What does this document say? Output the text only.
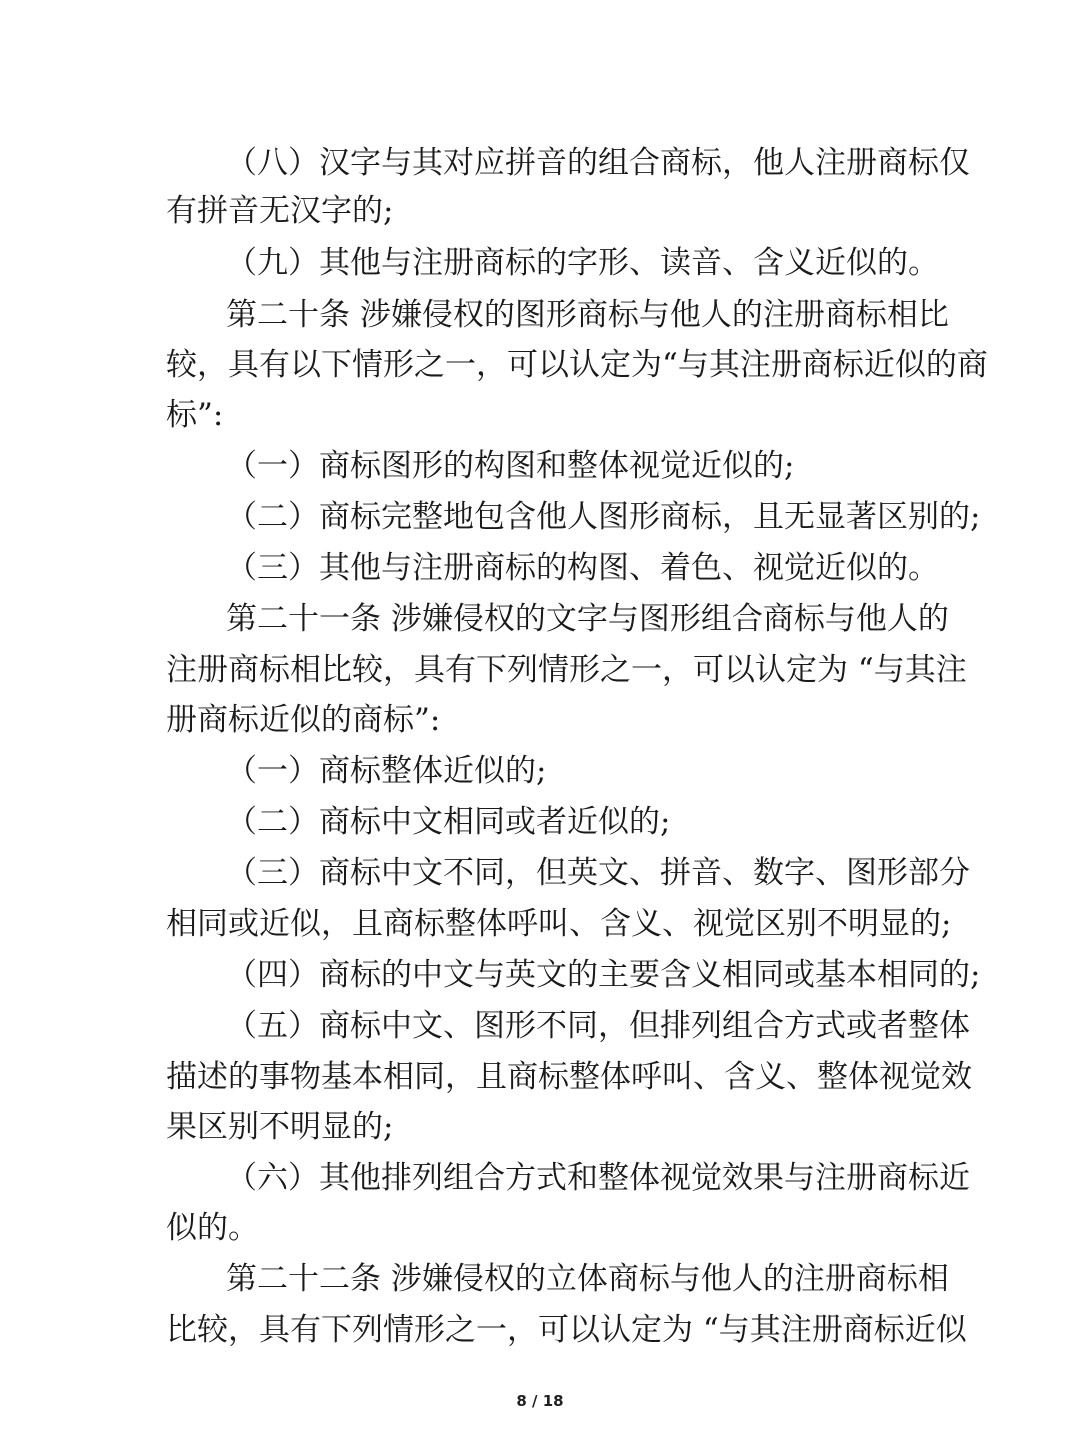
（八）汉字与其对应拼音的组合商标，他人注册商标仅
有拼音无汉字的;
（九）其他与注册商标的字形、读音、含义近似的。
第二十条 涉嫌侵权的图形商标与他人的注册商标相比
较，具有以下情形之一，可以认定为“与其注册商标近似的商
标”:
（一）商标图形的构图和整体视觉近似的;
（二）商标完整地包含他人图形商标，且无显著区别的;
（三）其他与注册商标的构图、着色、视觉近似的。
第二十一条 涉嫌侵权的文字与图形组合商标与他人的
注册商标相比较，具有下列情形之一，可以认定为 “与其注
册商标近似的商标”:
（一）商标整体近似的;
（二）商标中文相同或者近似的;
（三）商标中文不同，但英文、拼音、数字、图形部分
相同或近似，且商标整体呼叫、含义、视觉区别不明显的;
（四）商标的中文与英文的主要含义相同或基本相同的;
（五）商标中文、图形不同，但排列组合方式或者整体
描述的事物基本相同，且商标整体呼叫、含义、整体视觉效
果区别不明显的;
（六）其他排列组合方式和整体视觉效果与注册商标近
似的。
第二十二条 涉嫌侵权的立体商标与他人的注册商标相
比较，具有下列情形之一，可以认定为 “与其注册商标近似
8 / 18
